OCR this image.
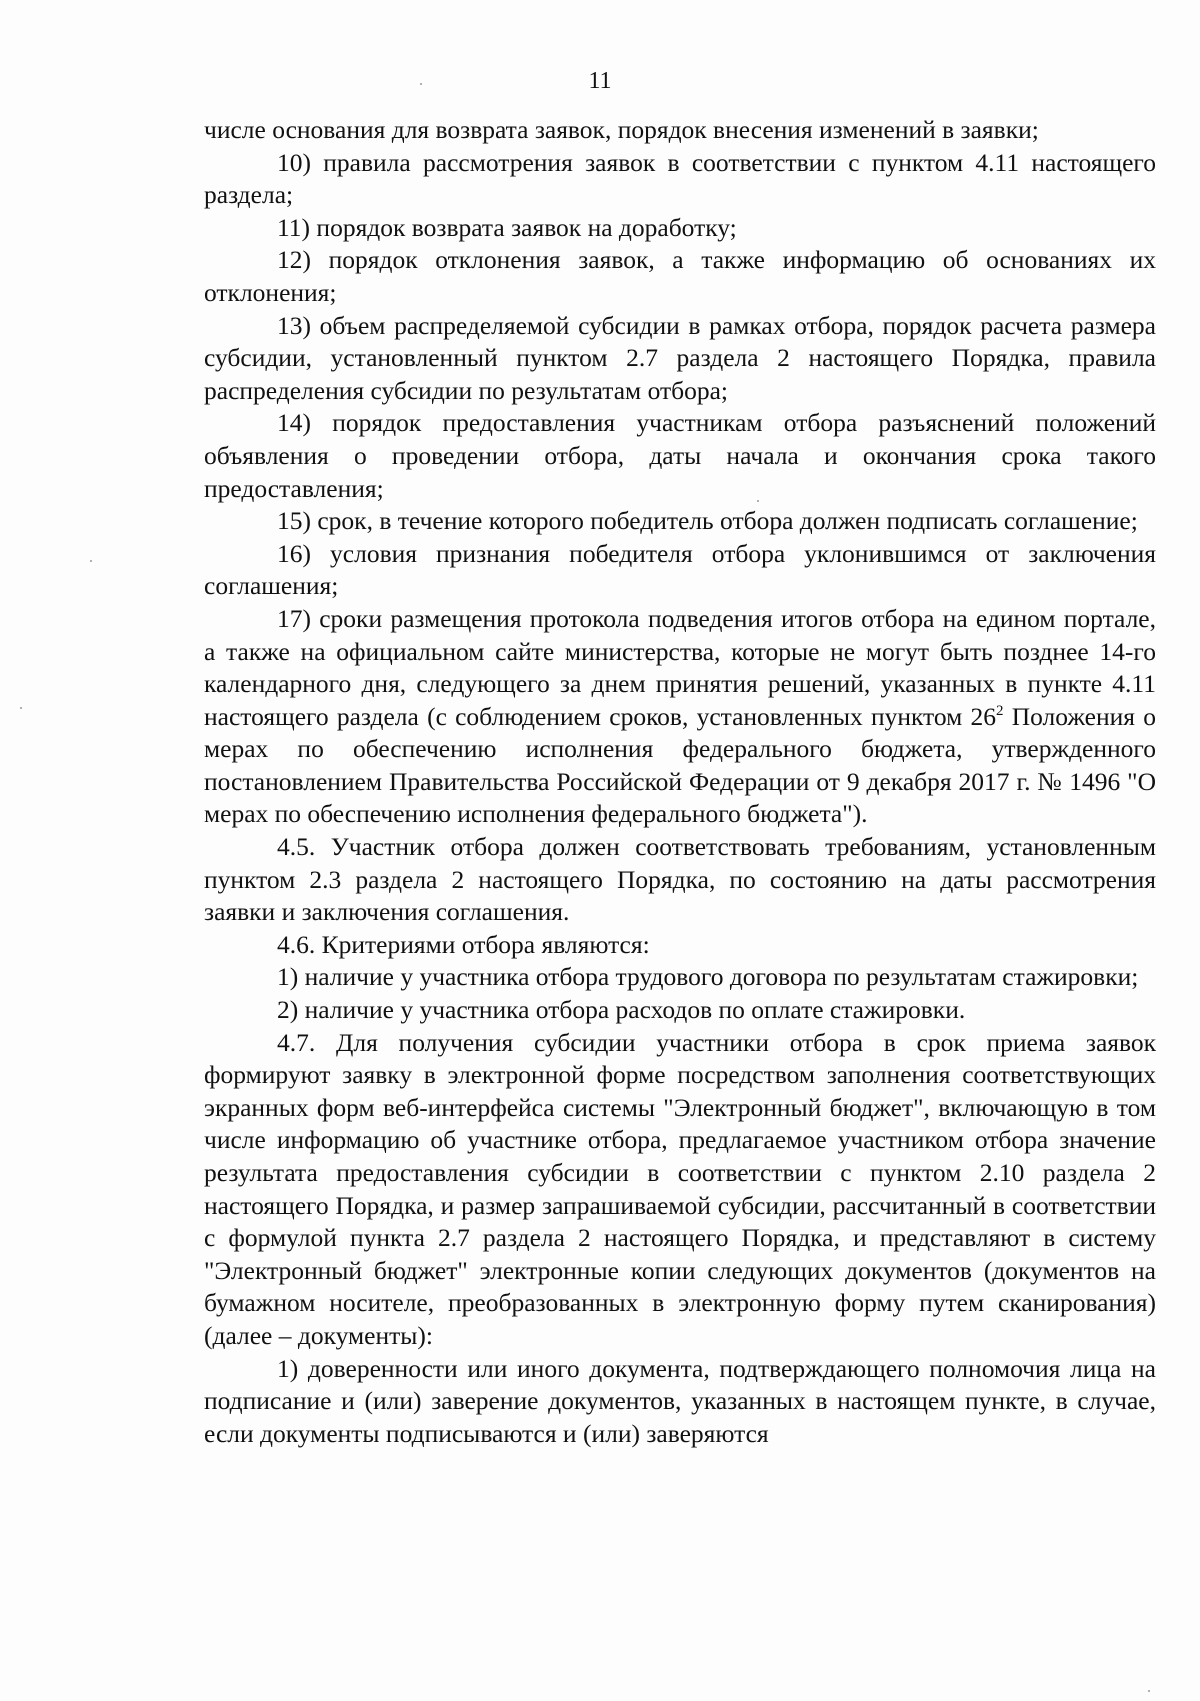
11

числе основания для возврата заявок, порядок внесения изменений в заявки;

10) правила рассмотрения заявок в соответствии с пунктом 4.11 настоящего раздела;

11) порядок возврата заявок на доработку;

12) порядок отклонения заявок, а также информацию об основаниях их отклонения;

13) объем распределяемой субсидии в рамках отбора, порядок расчета размера субсидии, установленный пунктом 2.7 раздела 2 настоящего Порядка, правила распределения субсидии по результатам отбора;

14) порядок предоставления участникам отбора разъяснений положений объявления о проведении отбора, даты начала и окончания срока такого предоставления;

15) срок, в течение которого победитель отбора должен подписать соглашение;

16) условия признания победителя отбора уклонившимся от заключения соглашения;

17) сроки размещения протокола подведения итогов отбора на едином портале, а также на официальном сайте министерства, которые не могут быть позднее 14-го календарного дня, следующего за днем принятия решений, указанных в пункте 4.11 настоящего раздела (с соблюдением сроков, установленных пунктом $26^2$ Положения о мерах по обеспечению исполнения федерального бюджета, утвержденного постановлением Правительства Российской Федерации от 9 декабря 2017 г. № 1496 "О мерах по обеспечению исполнения федерального бюджета").

4.5. Участник отбора должен соответствовать требованиям, установленным пунктом 2.3 раздела 2 настоящего Порядка, по состоянию на даты рассмотрения заявки и заключения соглашения.

4.6. Критериями отбора являются:

1) наличие у участника отбора трудового договора по результатам стажировки;

2) наличие у участника отбора расходов по оплате стажировки.

4.7. Для получения субсидии участники отбора в срок приема заявок формируют заявку в электронной форме посредством заполнения соответствующих экранных форм веб-интерфейса системы "Электронный бюджет", включающую в том числе информацию об участнике отбора, предлагаемое участником отбора значение результата предоставления субсидии в соответствии с пунктом 2.10 раздела 2 настоящего Порядка, и размер запрашиваемой субсидии, рассчитанный в соответствии с формулой пункта 2.7 раздела 2 настоящего Порядка, и представляют в систему "Электронный бюджет" электронные копии следующих документов (документов на бумажном носителе, преобразованных в электронную форму путем сканирования) (далее – документы):

1) доверенности или иного документа, подтверждающего полномочия лица на подписание и (или) заверение документов, указанных в настоящем пункте, в случае, если документы подписываются и (или) заверяются
